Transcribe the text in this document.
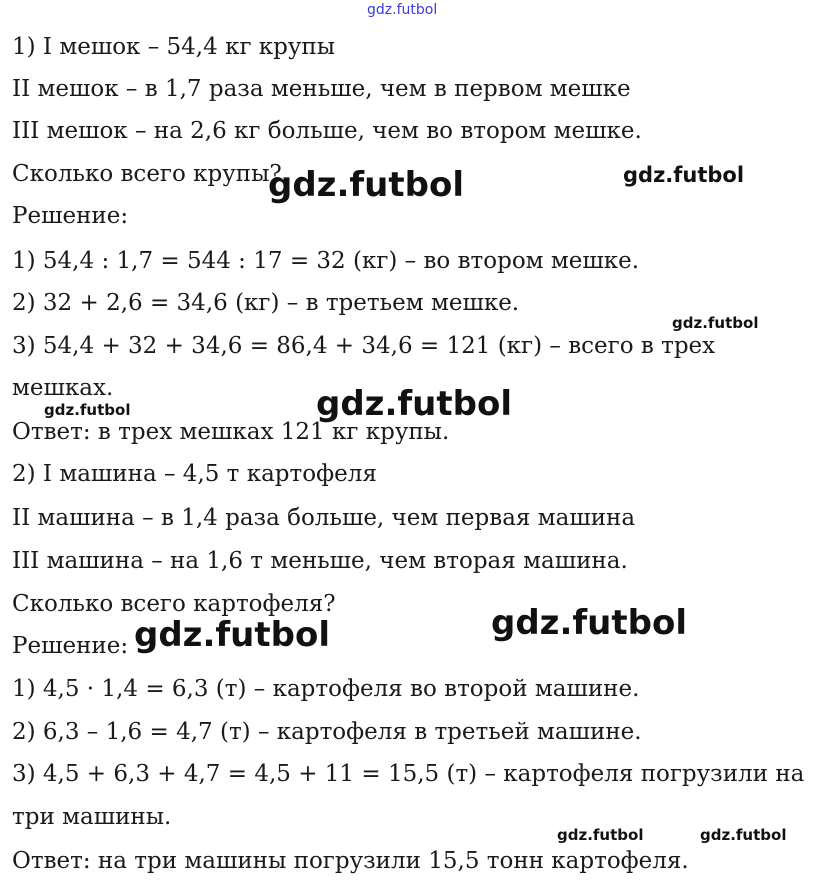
gdz.futbol
1) I мешок – 54,4 кг крупы
II мешок – в 1,7 раза меньше, чем в первом мешке
III мешок – на 2,6 кг больше, чем во втором мешке.
Сколько всего крупы?
Решение:
1) 54,4 : 1,7 = 544 : 17 = 32 (кг) – во втором мешке.
2) 32 + 2,6 = 34,6 (кг) – в третьем мешке.
3) 54,4 + 32 + 34,6 = 86,4 + 34,6 = 121 (кг) – всего в трех
мешках.
Ответ: в трех мешках 121 кг крупы.
2) I машина – 4,5 т картофеля
II машина – в 1,4 раза больше, чем первая машина
III машина – на 1,6 т меньше, чем вторая машина.
Сколько всего картофеля?
Решение:
1) 4,5 · 1,4 = 6,3 (т) – картофеля во второй машине.
2) 6,3 – 1,6 = 4,7 (т) – картофеля в третьей машине.
3) 4,5 + 6,3 + 4,7 = 4,5 + 11 = 15,5 (т) – картофеля погрузили на
три машины.
Ответ: на три машины погрузили 15,5 тонн картофеля.
gdz.futbol	gdz.futbol
gdz.futbol
gdz.futbol
gdz.futbol
gdz.futbol	gdz.futbol
gdz.futbol	gdz.futbol
